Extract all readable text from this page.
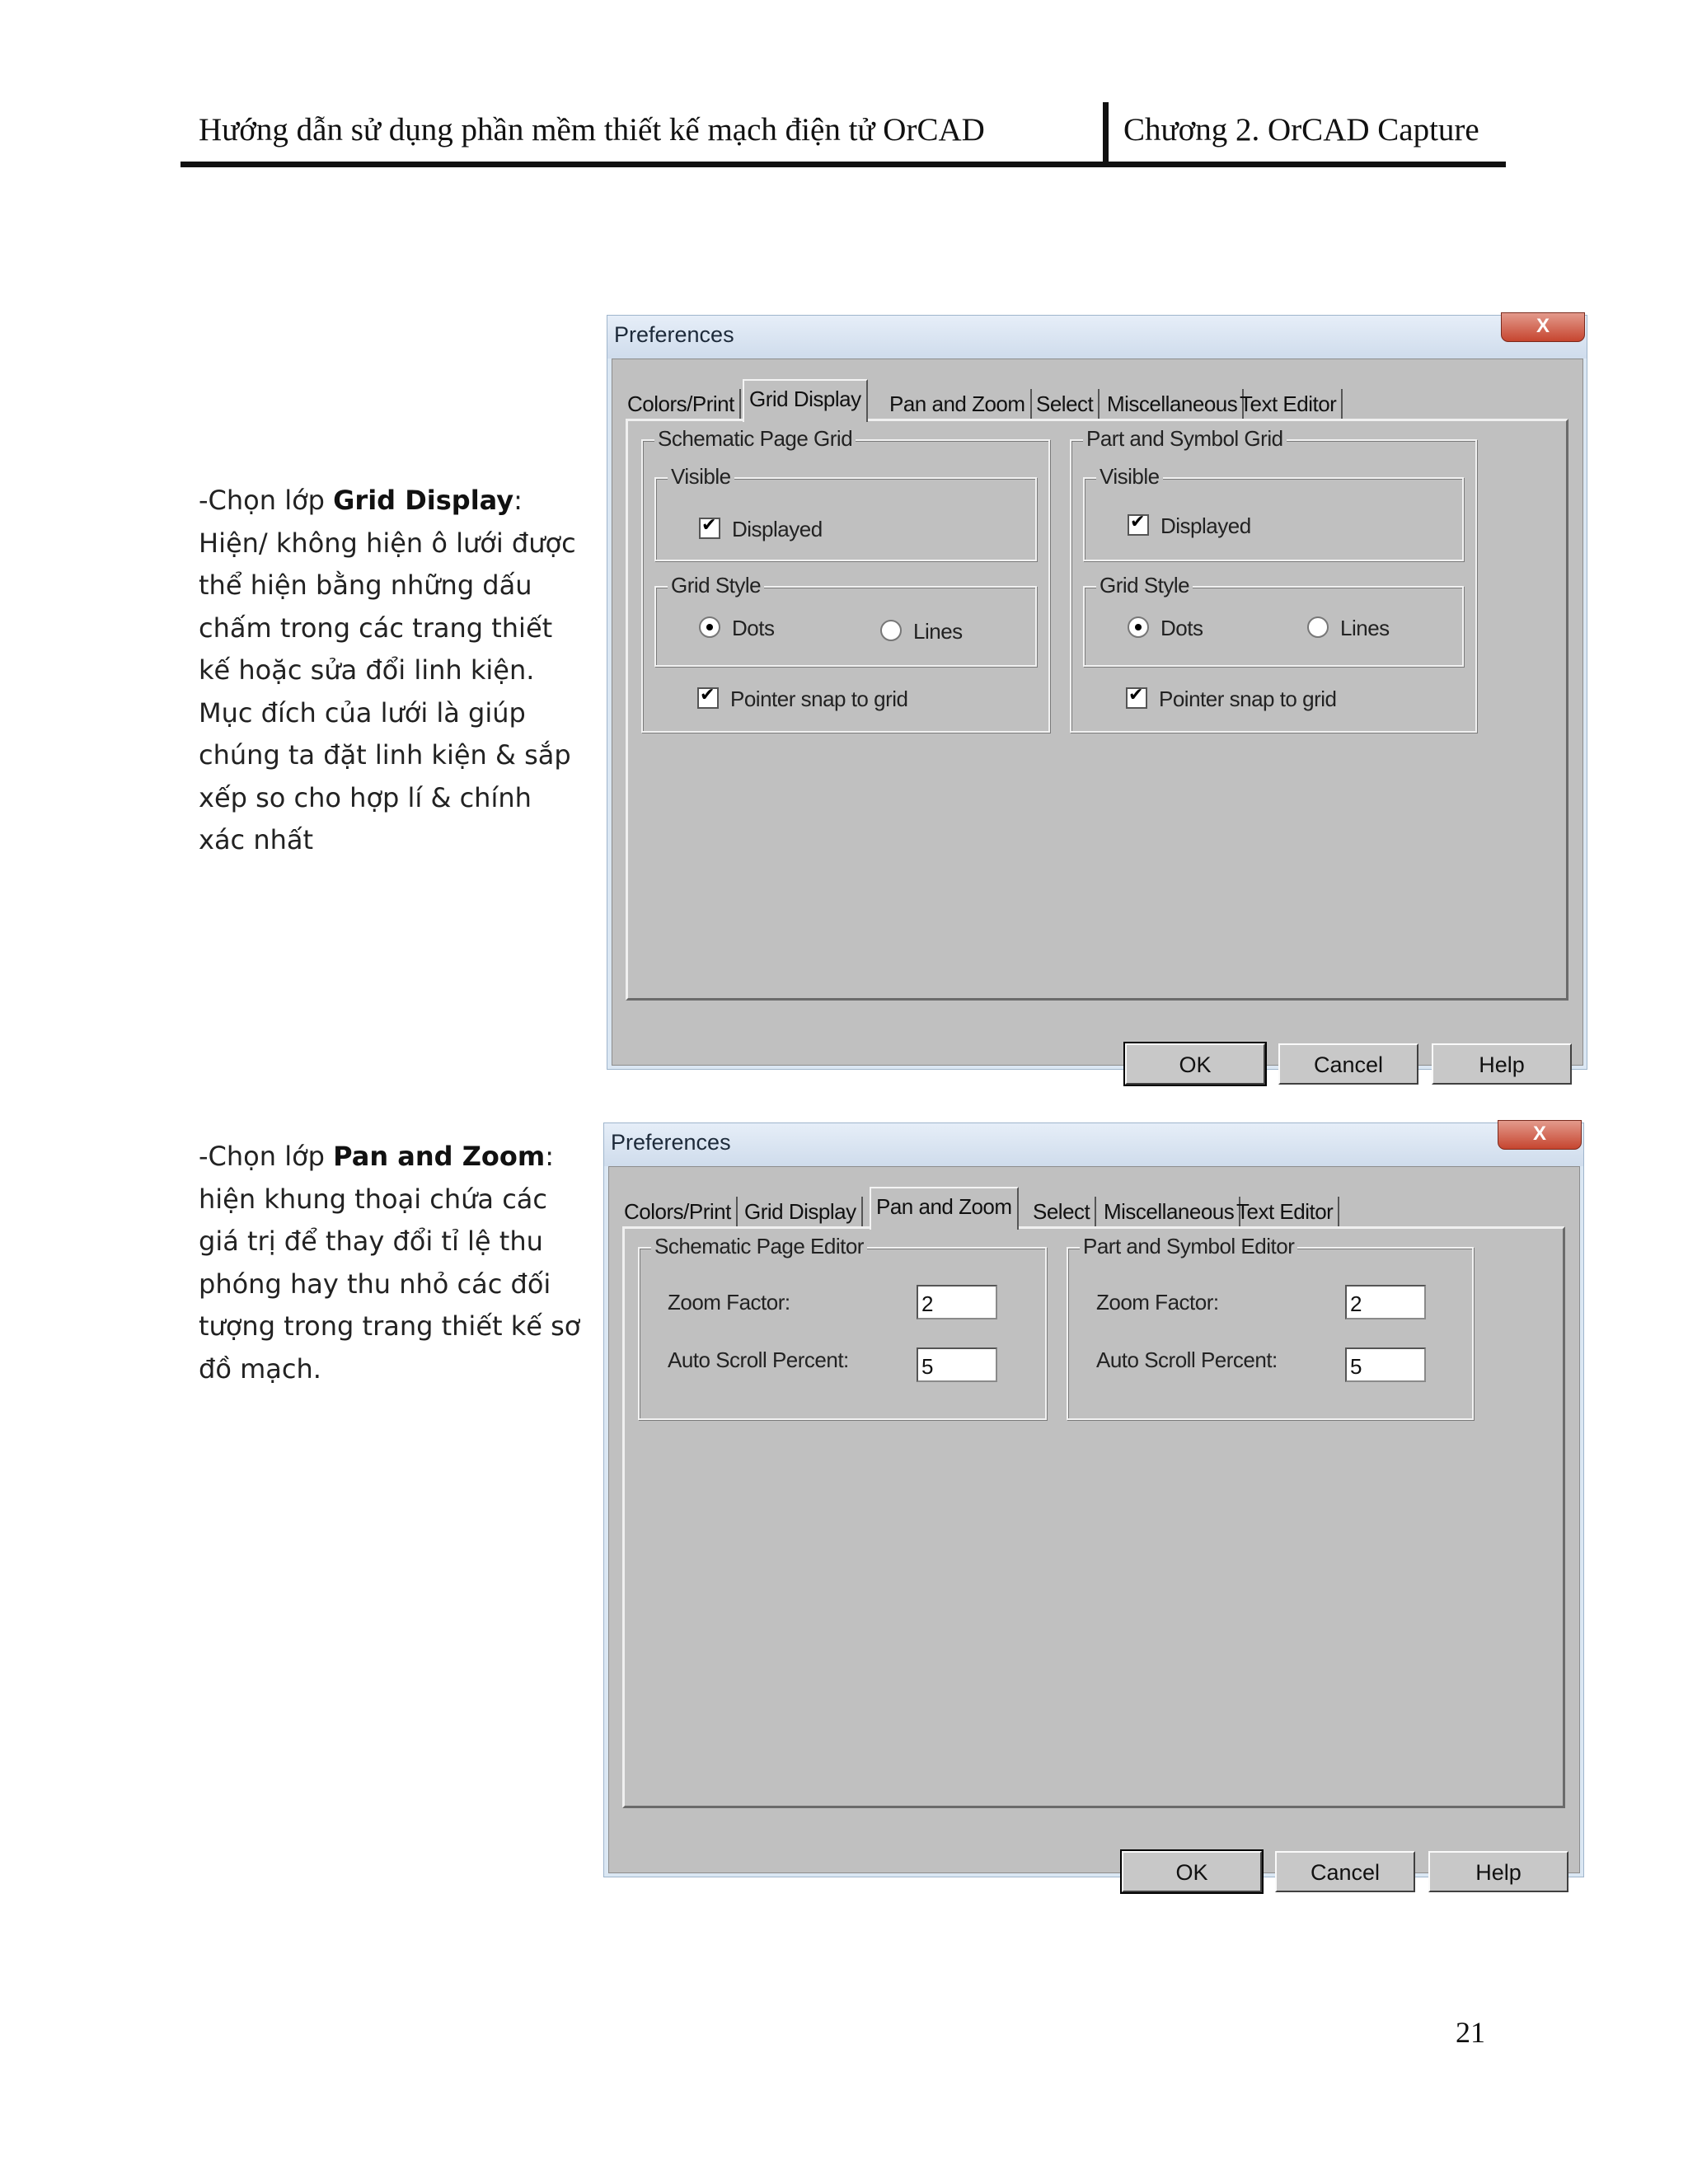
Hướng dẫn sử dụng phần mềm thiết kế mạch điện tử OrCAD	Chương 2. OrCAD Capture
-Chọn lớp Grid Display: Hiện/ không hiện ô lưới được thể hiện bằng những dấu chấm trong các trang thiết kế hoặc sửa đổi linh kiện. Mục đích của lưới là giúp chúng ta đặt linh kiện & sắp xếp so cho hợp lí & chính xác nhất
-Chọn lớp Pan and Zoom: hiện khung thoại chứa các giá trị để thay đổi tỉ lệ thu phóng hay thu nhỏ các đối tượng trong trang thiết kế sơ đồ mạch.
Preferences	X
Colors/Print Grid Display	Pan and Zoom Select Miscellaneous Text Editor
Schematic Page Grid
Visible
✔Displayed
Grid Style
Dots	Lines
✔Pointer snap to grid
Part and Symbol Grid
Visible
✔Displayed
Grid Style
Dots	Lines
✔Pointer snap to grid
OK	Cancel	Help
Preferences	X
Colors/Print Grid Display Pan and Zoom Select Miscellaneous Text Editor
Schematic Page Editor
Zoom Factor:	2
Auto Scroll Percent:	5
Part and Symbol Editor
Zoom Factor:	2
Auto Scroll Percent:	5
OK	Cancel	Help
21
